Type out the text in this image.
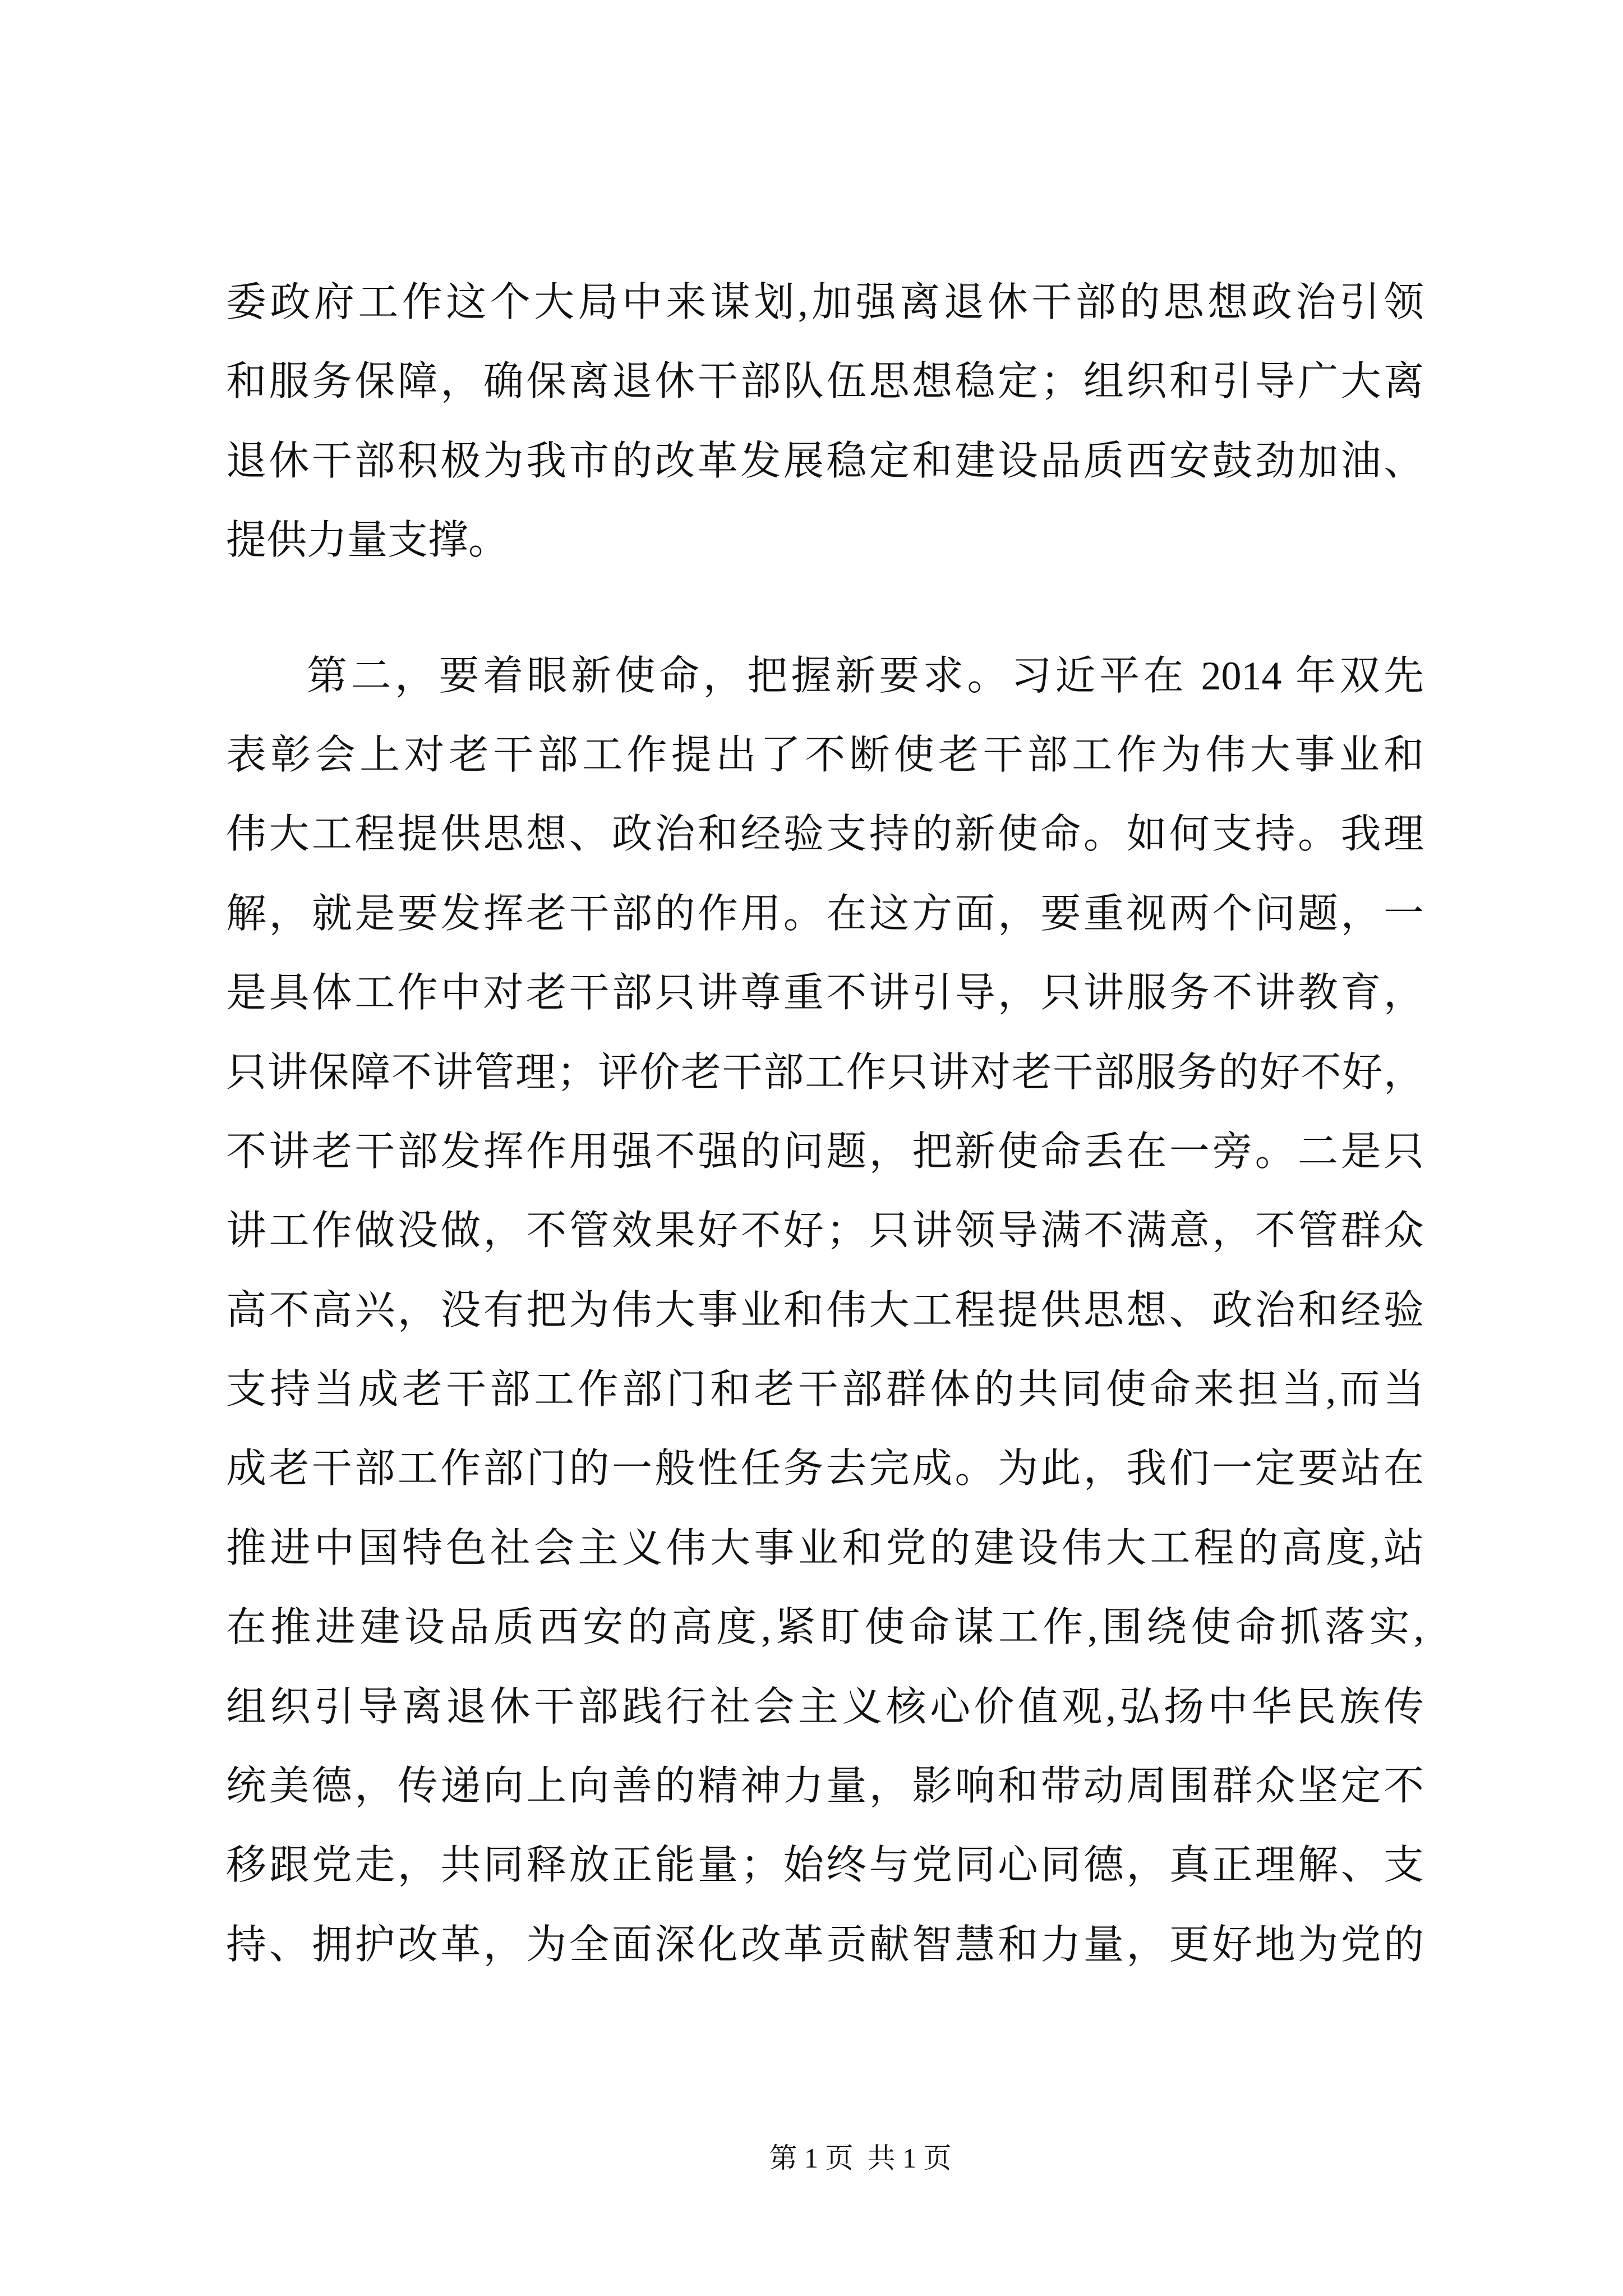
委政府工作这个大局中来谋划,加强离退休干部的思想政治引领
和服务保障，确保离退休干部队伍思想稳定；组织和引导广大离
退休干部积极为我市的改革发展稳定和建设品质西安鼓劲加油、
提供力量支撑。
第二，要着眼新使命，把握新要求。习近平在 2014 年双先
表彰会上对老干部工作提出了不断使老干部工作为伟大事业和
伟大工程提供思想、政治和经验支持的新使命。如何支持。我理
解，就是要发挥老干部的作用。在这方面，要重视两个问题，一
是具体工作中对老干部只讲尊重不讲引导，只讲服务不讲教育，
只讲保障不讲管理；评价老干部工作只讲对老干部服务的好不好，
不讲老干部发挥作用强不强的问题，把新使命丢在一旁。二是只
讲工作做没做，不管效果好不好；只讲领导满不满意，不管群众
高不高兴，没有把为伟大事业和伟大工程提供思想、政治和经验
支持当成老干部工作部门和老干部群体的共同使命来担当,而当
成老干部工作部门的一般性任务去完成。为此，我们一定要站在
推进中国特色社会主义伟大事业和党的建设伟大工程的高度,站
在推进建设品质西安的高度,紧盯使命谋工作,围绕使命抓落实,
组织引导离退休干部践行社会主义核心价值观,弘扬中华民族传
统美德，传递向上向善的精神力量，影响和带动周围群众坚定不
移跟党走，共同释放正能量；始终与党同心同德，真正理解、支
持、拥护改革，为全面深化改革贡献智慧和力量，更好地为党的
第 1 页  共 1 页
